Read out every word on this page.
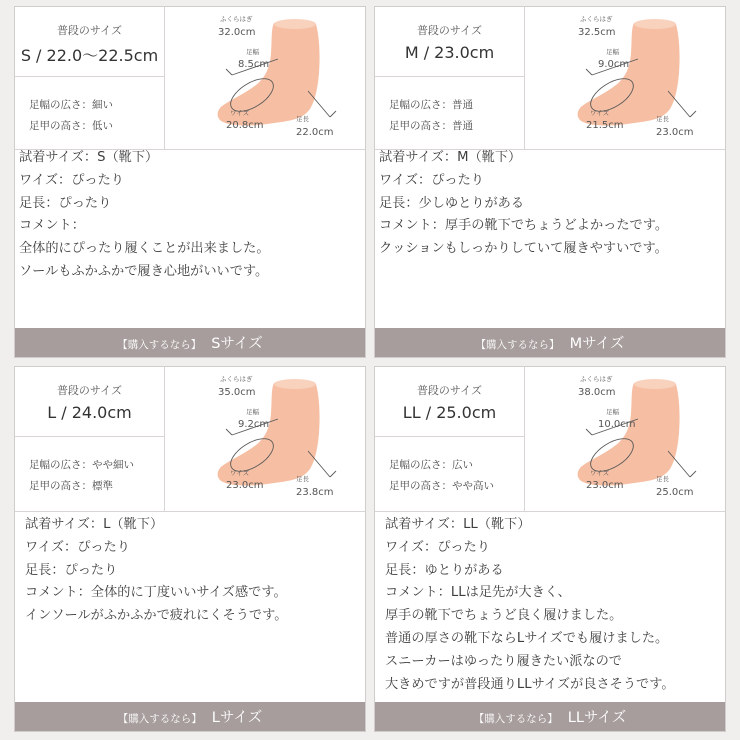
普段のサイズ
S / 22.0〜22.5cm
足幅の広さ：細い
足甲の高さ：低い
ふくらはぎ
32.0cm
足幅
8.5cm
ワイズ
20.8cm
足長
22.0cm
試着サイズ：S（靴下）
ワイズ：ぴったり
足長：ぴったり
コメント：
全体的にぴったり履くことが出来ました。
ソールもふかふかで履き心地がいいです。
【購入するなら】 Sサイズ
普段のサイズ
M / 23.0cm
足幅の広さ：普通
足甲の高さ：普通
ふくらはぎ
32.5cm
足幅
9.0cm
ワイズ
21.5cm
足長
23.0cm
試着サイズ：M（靴下）
ワイズ：ぴったり
足長：少しゆとりがある
コメント：厚手の靴下でちょうどよかったです。
クッションもしっかりしていて履きやすいです。
【購入するなら】 Mサイズ
普段のサイズ
L / 24.0cm
足幅の広さ：やや細い
足甲の高さ：標準
ふくらはぎ
35.0cm
足幅
9.2cm
ワイズ
23.0cm
足長
23.8cm
試着サイズ：L（靴下）
ワイズ：ぴったり
足長：ぴったり
コメント：全体的に丁度いいサイズ感です。
インソールがふかふかで疲れにくそうです。
【購入するなら】 Lサイズ
普段のサイズ
LL / 25.0cm
足幅の広さ：広い
足甲の高さ：やや高い
ふくらはぎ
38.0cm
足幅
10.0cm
ワイズ
23.0cm
足長
25.0cm
試着サイズ：LL（靴下）
ワイズ：ぴったり
足長：ゆとりがある
コメント：LLは足先が大きく、
厚手の靴下でちょうど良く履けました。
普通の厚さの靴下ならLサイズでも履けました。
スニーカーはゆったり履きたい派なので
大きめですが普段通りLLサイズが良さそうです。
【購入するなら】 LLサイズ
